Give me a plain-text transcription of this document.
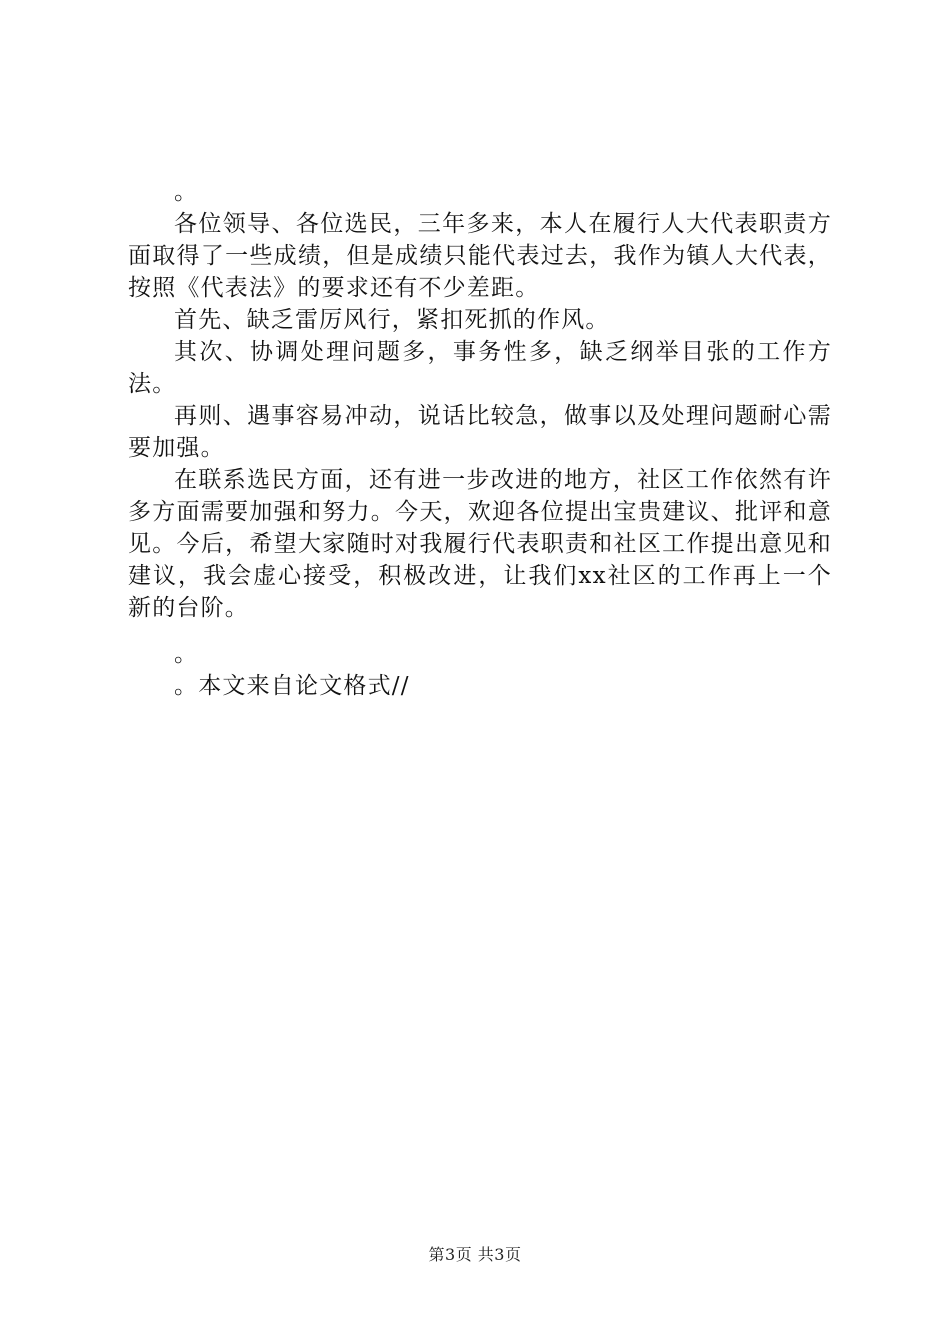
。

各位领导、各位选民，三年多来，本人在履行人大代表职责方面取得了一些成绩，但是成绩只能代表过去，我作为镇人大代表，按照《代表法》的要求还有不少差距。

首先、缺乏雷厉风行，紧扣死抓的作风。

其次、协调处理问题多，事务性多，缺乏纲举目张的工作方法。

再则、遇事容易冲动，说话比较急，做事以及处理问题耐心需要加强。

在联系选民方面，还有进一步改进的地方，社区工作依然有许多方面需要加强和努力。今天，欢迎各位提出宝贵建议、批评和意见。今后，希望大家随时对我履行代表职责和社区工作提出意见和建议，我会虚心接受，积极改进，让我们xx社区的工作再上一个新的台阶。

。

。本文来自论文格式//

第3页 共3页
